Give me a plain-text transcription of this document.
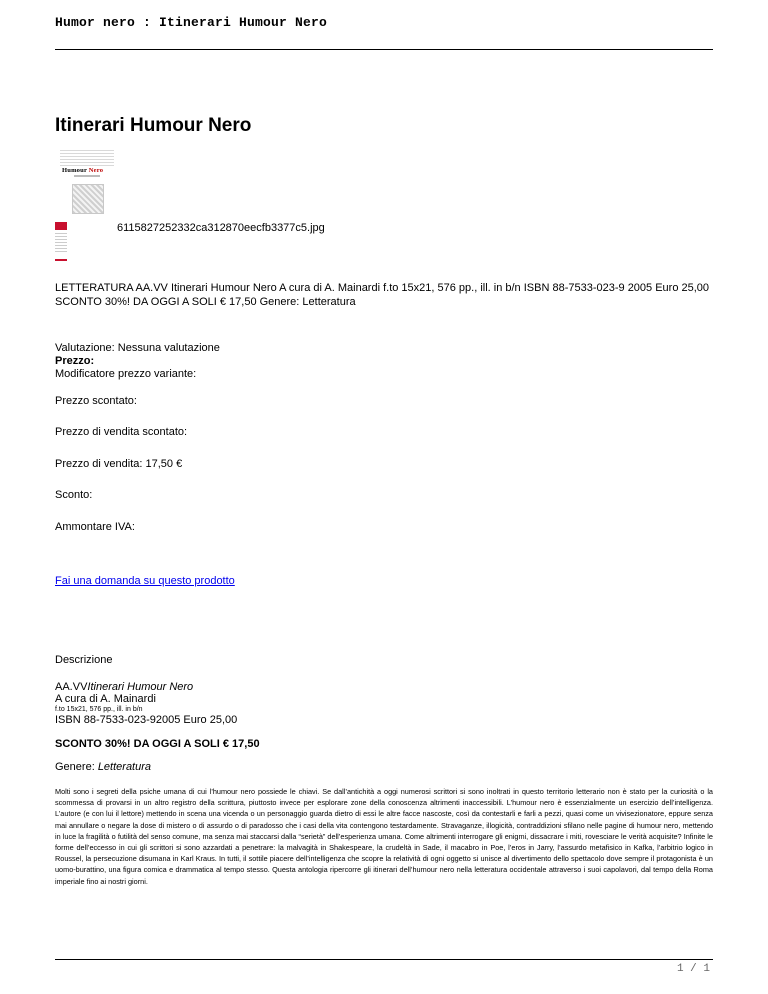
Humor nero : Itinerari Humour Nero
Itinerari Humour Nero
Humour Nero
6115827252332ca312870eecfb3377c5.jpg
LETTERATURA AA.VV Itinerari Humour Nero A cura di A. Mainardi f.to 15x21, 576 pp., ill. in b/n ISBN 88-7533-023-9 2005 Euro 25,00
SCONTO 30%! DA OGGI A SOLI € 17,50 Genere: Letteratura
Valutazione: Nessuna valutazione
Prezzo:
Modificatore prezzo variante:
Prezzo scontato:
Prezzo di vendita scontato:
Prezzo di vendita: 17,50 €
Sconto:
Ammontare IVA:
Fai una domanda su questo prodotto
Descrizione
AA.VVItinerari Humour Nero
A cura di A. Mainardi
f.to 15x21, 576 pp., ill. in b/n
ISBN 88-7533-023-92005 Euro 25,00
SCONTO 30%! DA OGGI A SOLI € 17,50
Genere: Letteratura
Molti sono i segreti della psiche umana di cui l’humour nero possiede le chiavi. Se dall’antichità a oggi numerosi scrittori si sono inoltrati in questo territorio letterario non è stato per la curiosità o la scommessa di provarsi in un altro registro della scrittura, piuttosto invece per esplorare zone della conoscenza altrimenti inaccessibili. L’humour nero è essenzialmente un esercizio dell’intelligenza. L’autore (e con lui il lettore) mettendo in scena una vicenda o un personaggio guarda dietro di essi le altre facce nascoste, così da contestarli e farli a pezzi, quasi come un vivisezionatore, eppure senza mai annullare o negare la dose di mistero o di assurdo o di paradosso che i casi della vita contengono testardamente. Stravaganze, illogicità, contraddizioni sfilano nelle pagine di humour nero, mettendo in luce la fragilità o futilità del senso comune, ma senza mai staccarsi dalla “serietà” dell’esperienza umana. Come altrimenti interrogare gli enigmi, dissacrare i miti, rovesciare le verità acquisite? Infinite le forme dell’eccesso in cui gli scrittori si sono azzardati a penetrare: la malvagità in Shakespeare, la crudeltà in Sade, il macabro in Poe, l’eros in Jarry, l’assurdo metafisico in Kafka, l’arbitrio logico in Roussel, la persecuzione disumana in Karl Kraus. In tutti, il sottile piacere dell’intelligenza che scopre la relatività di ogni oggetto si unisce al divertimento dello spettacolo dove sempre il protagonista è un uomo-burattino, una figura comica e drammatica al tempo stesso. Questa antologia ripercorre gli itinerari dell’humour nero nella letteratura occidentale attraverso i suoi capolavori, dal tempo della Roma imperiale fino ai nostri giorni.
1 / 1
